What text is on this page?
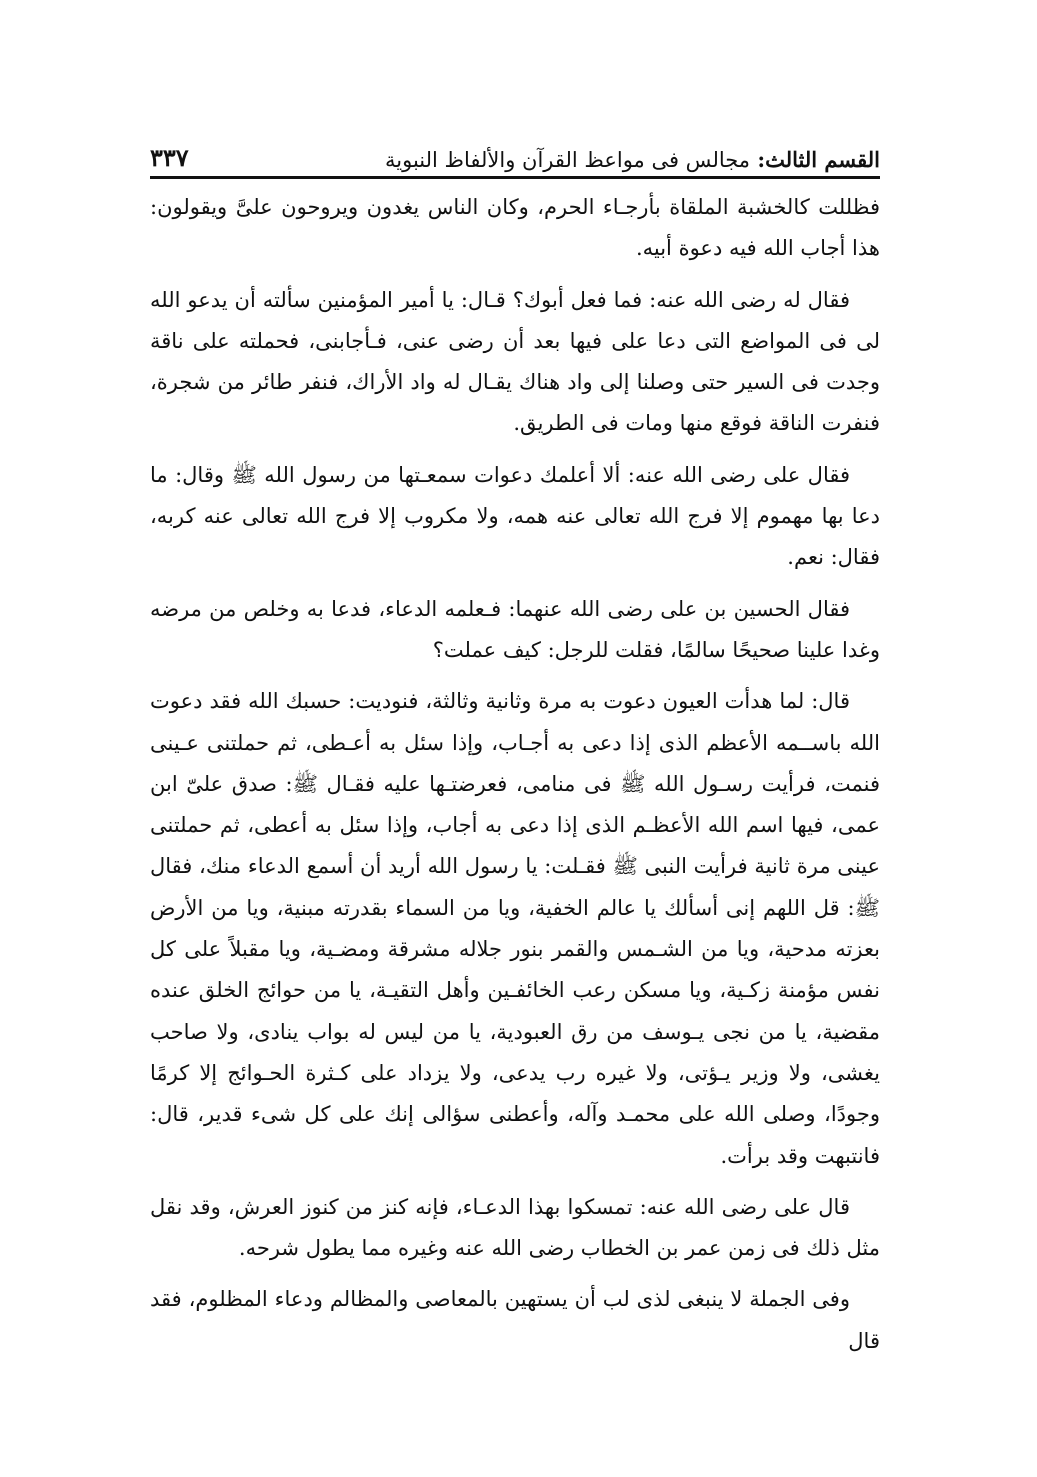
القسم الثالث: مجالس فى مواعظ القرآن والألفاظ النبوية
٣٣٧

فظللت كالخشبة الملقاة بأرجـاء الحرم، وكان الناس يغدون ويروحون علىَّ ويقولون: هذا أجاب الله فيه دعوة أبيه.

فقال له رضى الله عنه: فما فعل أبوك؟ قـال: يا أمير المؤمنين سألته أن يدعو الله لى فى المواضع التى دعا على فيها بعد أن رضى عنى، فـأجابنى، فحملته على ناقة وجدت فى السير حتى وصلنا إلى واد هناك يقـال له واد الأراك، فنفر طائر من شجرة، فنفرت الناقة فوقع منها ومات فى الطريق.

فقال على رضى الله عنه: ألا أعلمك دعوات سمعـتها من رسول الله ﷺ وقال: ما دعا بها مهموم إلا فرج الله تعالى عنه همه، ولا مكروب إلا فرج الله تعالى عنه كربه، فقال: نعم.

فقال الحسين بن على رضى الله عنهما: فـعلمه الدعاء، فدعا به وخلص من مرضه وغدا علينا صحيحًا سالمًا، فقلت للرجل: كيف عملت؟

قال: لما هدأت العيون دعوت به مرة وثانية وثالثة، فنوديت: حسبك الله فقد دعوت الله باســمه الأعظم الذى إذا دعى به أجـاب، وإذا سئل به أعـطى، ثم حملتنى عـينى فنمت، فرأيت رسـول الله ﷺ فى منامى، فعرضتـها عليه فقـال ﷺ: صدق علىّ ابن عمى، فيها اسم الله الأعظـم الذى إذا دعى به أجاب، وإذا سئل به أعطى، ثم حملتنى عينى مرة ثانية فرأيت النبى ﷺ فقـلت: يا رسول الله أريد أن أسمع الدعاء منك، فقال ﷺ: قل اللهم إنى أسألك يا عالم الخفية، ويا من السماء بقدرته مبنية، ويا من الأرض بعزته مدحية، ويا من الشـمس والقمر بنور جلاله مشرقة ومضـية، ويا مقبلاً على كل نفس مؤمنة زكـية، ويا مسكن رعب الخائفـين وأهل التقيـة، يا من حوائج الخلق عنده مقضية، يا من نجى يـوسف من رق العبودية، يا من ليس له بواب ينادى، ولا صاحب يغشى، ولا وزير يـؤتى، ولا غيره رب يدعى، ولا يزداد على كـثرة الحـوائج إلا كرمًا وجودًا، وصلى الله على محمـد وآله، وأعطنى سؤالى إنك على كل شىء قدير، قال: فانتبهت وقد برأت.

قال على رضى الله عنه: تمسكوا بهذا الدعـاء، فإنه كنز من كنوز العرش، وقد نقل مثل ذلك فى زمن عمر بن الخطاب رضى الله عنه وغيره مما يطول شرحه.

وفى الجملة لا ينبغى لذى لب أن يستهين بالمعاصى والمظالم ودعاء المظلوم، فقد قال
